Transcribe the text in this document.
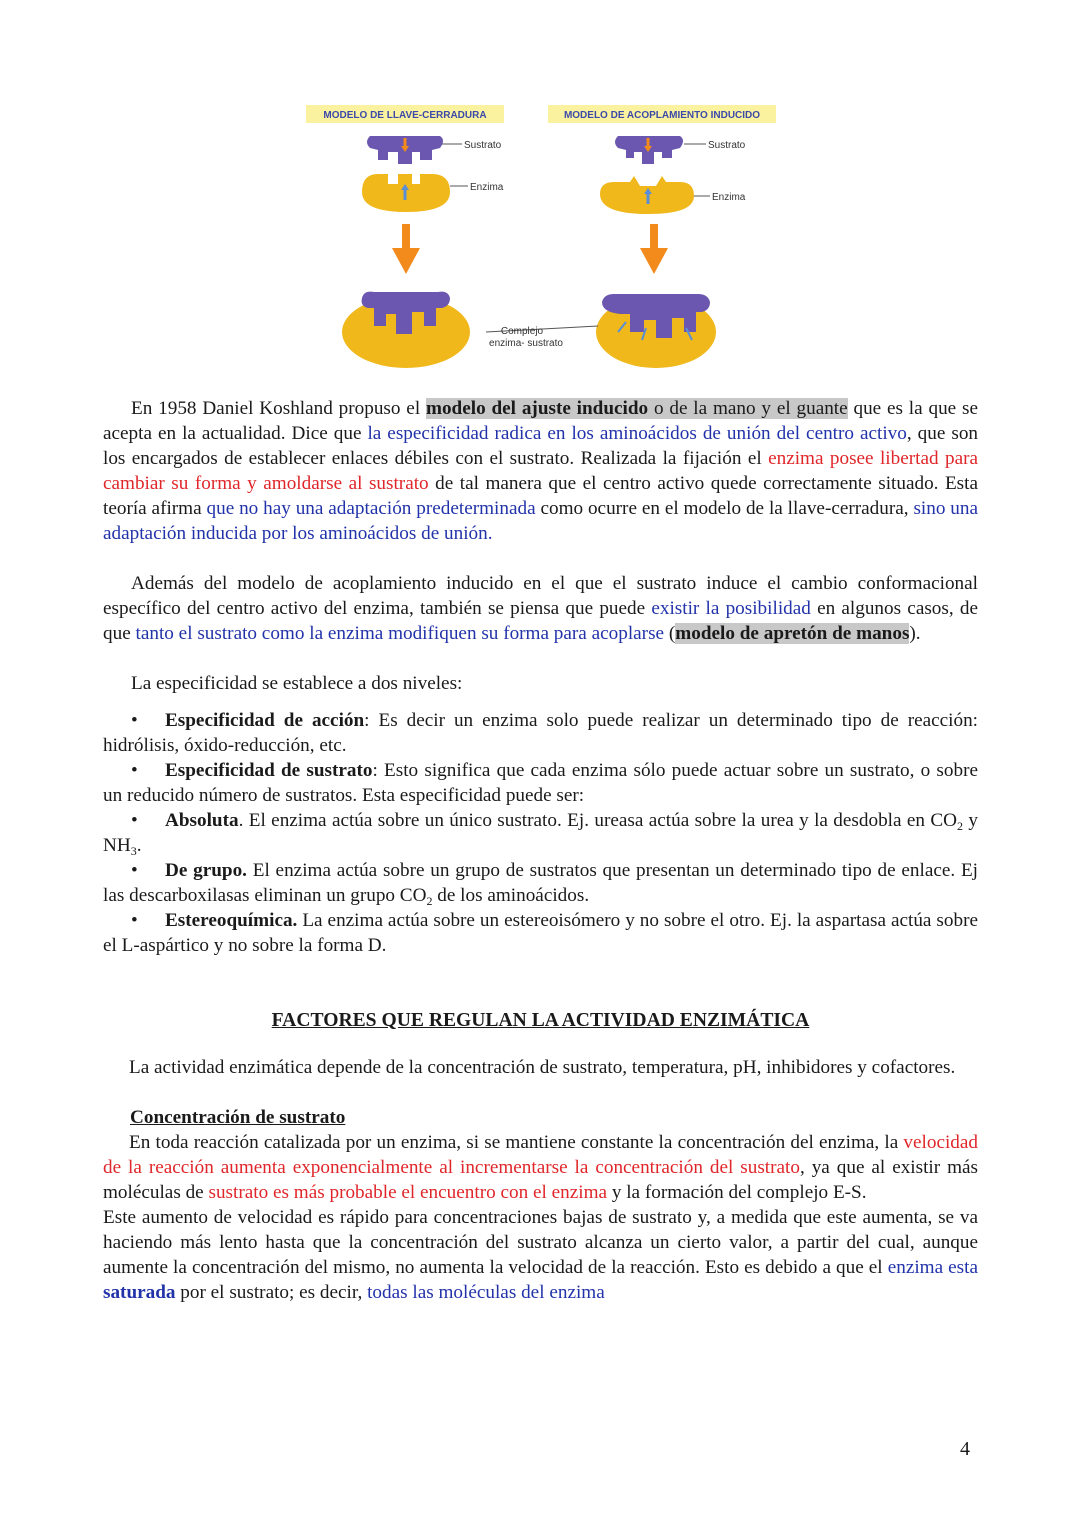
MODELO DE LLAVE-CERRADURA	MODELO DE ACOPLAMIENTO INDUCIDO
Sustrato
Enzima
Sustrato
Enzima
Complejo
enzima- sustrato

En 1958 Daniel Koshland propuso el modelo del ajuste inducido o de la mano y el guante que es la que se acepta en la actualidad. Dice que la especificidad radica en los aminoácidos de unión del centro activo, que son los encargados de establecer enlaces débiles con el sustrato. Realizada la fijación el enzima posee libertad para cambiar su forma y amoldarse al sustrato de tal manera que el centro activo quede correctamente situado. Esta teoría afirma que no hay una adaptación predeterminada como ocurre en el modelo de la llave-cerradura, sino una adaptación inducida por los aminoácidos de unión.

Además del modelo de acoplamiento inducido en el que el sustrato induce el cambio conformacional específico del centro activo del enzima, también se piensa que puede existir la posibilidad en algunos casos, de que tanto el sustrato como la enzima modifiquen su forma para acoplarse (modelo de apretón de manos).

La especificidad se establece a dos niveles:

• Especificidad de acción: Es decir un enzima solo puede realizar un determinado tipo de reacción: hidrólisis, óxido-reducción, etc.

• Especificidad de sustrato: Esto significa que cada enzima sólo puede actuar sobre un sustrato, o sobre un reducido número de sustratos. Esta especificidad puede ser:

• Absoluta. El enzima actúa sobre un único sustrato. Ej. ureasa actúa sobre la urea y la desdobla en $CO_2$ y $NH_3$.

• De grupo. El enzima actúa sobre un grupo de sustratos que presentan un determinado tipo de enlace. Ej las descarboxilasas eliminan un grupo $CO_2$ de los aminoácidos.

• Estereoquímica. La enzima actúa sobre un estereoisómero y no sobre el otro. Ej. la aspartasa actúa sobre el L-aspártico y no sobre la forma D.

FACTORES QUE REGULAN LA ACTIVIDAD ENZIMÁTICA

La actividad enzimática depende de la concentración de sustrato, temperatura, pH, inhibidores y cofactores.

Concentración de sustrato

En toda reacción catalizada por un enzima, si se mantiene constante la concentración del enzima, la velocidad de la reacción aumenta exponencialmente al incrementarse la concentración del sustrato, ya que al existir más moléculas de sustrato es más probable el encuentro con el enzima y la formación del complejo E-S.

Este aumento de velocidad es rápido para concentraciones bajas de sustrato y, a medida que este aumenta, se va haciendo más lento hasta que la concentración del sustrato alcanza un cierto valor, a partir del cual, aunque aumente la concentración del mismo, no aumenta la velocidad de la reacción. Esto es debido a que el enzima esta saturada por el sustrato; es decir, todas las moléculas del enzima

4
